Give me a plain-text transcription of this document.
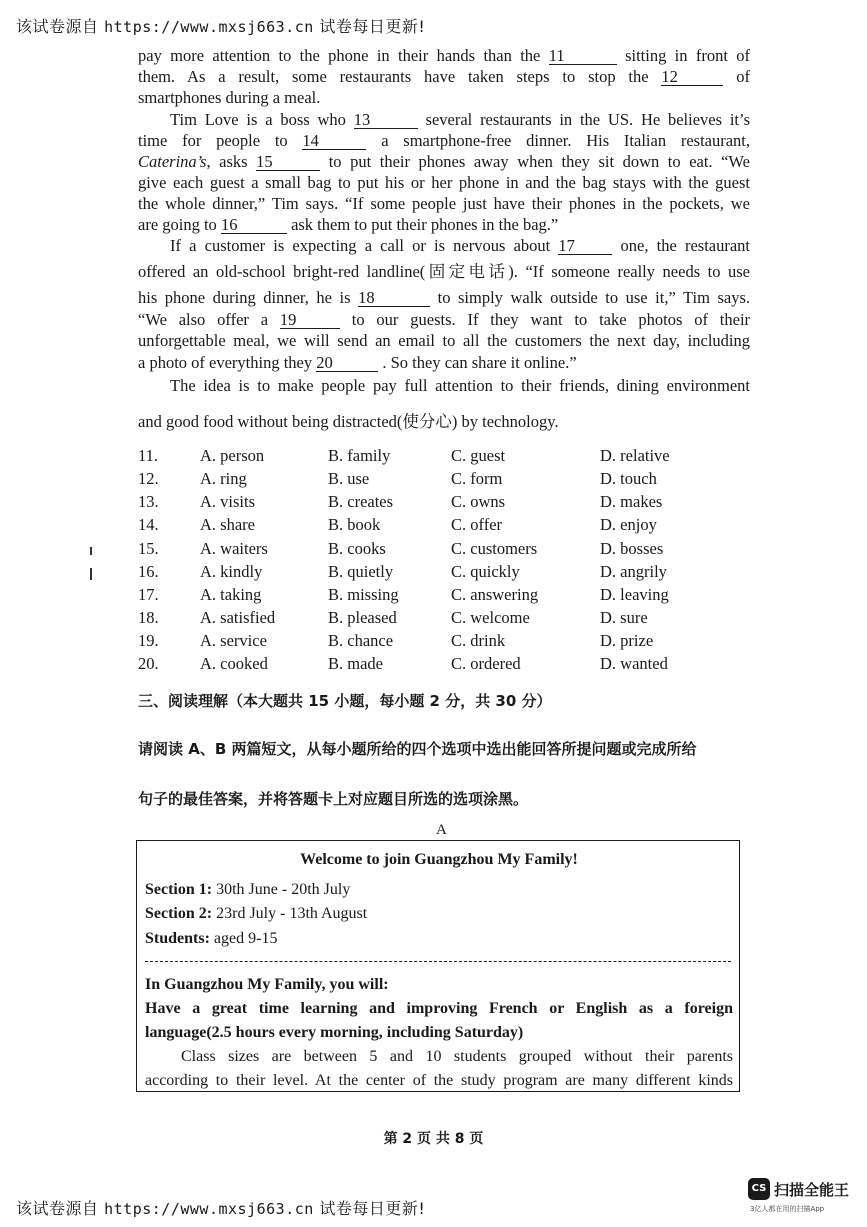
该试卷源自 https://www.mxsj663.cn 试卷每日更新!
pay more attention to the phone in their hands than the 11	sitting in front of
them. As a result, some restaurants have taken steps to stop the 12	of
smartphones during a meal.
Tim Love is a boss who 13	several restaurants in the US. He believes it’s
time for people to 14	a smartphone-free dinner. His Italian restaurant,
Caterina’s, asks 15	to put their phones away when they sit down to eat. “We
give each guest a small bag to put his or her phone in and the bag stays with the guest
the whole dinner,” Tim says. “If some people just have their phones in the pockets, we
are going to 16	ask them to put their phones in the bag.”
If a customer is expecting a call or is nervous about 17	one, the restaurant
offered an old-school bright-red landline(固定电话). “If someone really needs to use
his phone during dinner, he is 18	to simply walk outside to use it,” Tim says.
“We also offer a 19	to our guests. If they want to take photos of their
unforgettable meal, we will send an email to all the customers the next day, including
a photo of everything they 20	. So they can share it online.”
The idea is to make people pay full attention to their friends, dining environment
and good food without being distracted(使分心) by technology.
11.	A. person	B. family	C. guest	D. relative
12.	A. ring	B. use	C. form	D. touch
13.	A. visits	B. creates	C. owns	D. makes
14.	A. share	B. book	C. offer	D. enjoy
15.	A. waiters	B. cooks	C. customers	D. bosses
16.	A. kindly	B. quietly	C. quickly	D. angrily
17.	A. taking	B. missing	C. answering	D. leaving
18.	A. satisfied	B. pleased	C. welcome	D. sure
19.	A. service	B. chance	C. drink	D. prize
20.	A. cooked	B. made	C. ordered	D. wanted
三、阅读理解（本大题共 15 小题，每小题 2 分，共 30 分）
请阅读 A、B 两篇短文，从每小题所给的四个选项中选出能回答所提问题或完成所给
句子的最佳答案，并将答题卡上对应题目所选的选项涂黑。
A
Welcome to join Guangzhou My Family!
Section 1: 30th June - 20th July
Section 2: 23rd July - 13th August
Students: aged 9-15
In Guangzhou My Family, you will:
Have a great time learning and improving French or English as a foreign
language(2.5 hours every morning, including Saturday)
Class sizes are between 5 and 10 students grouped without their parents
according to their level. At the center of the study program are many different kinds
第 2 页 共 8 页
该试卷源自 https://www.mxsj663.cn 试卷每日更新!
CS 扫描全能王
3亿人都在用的扫描App
